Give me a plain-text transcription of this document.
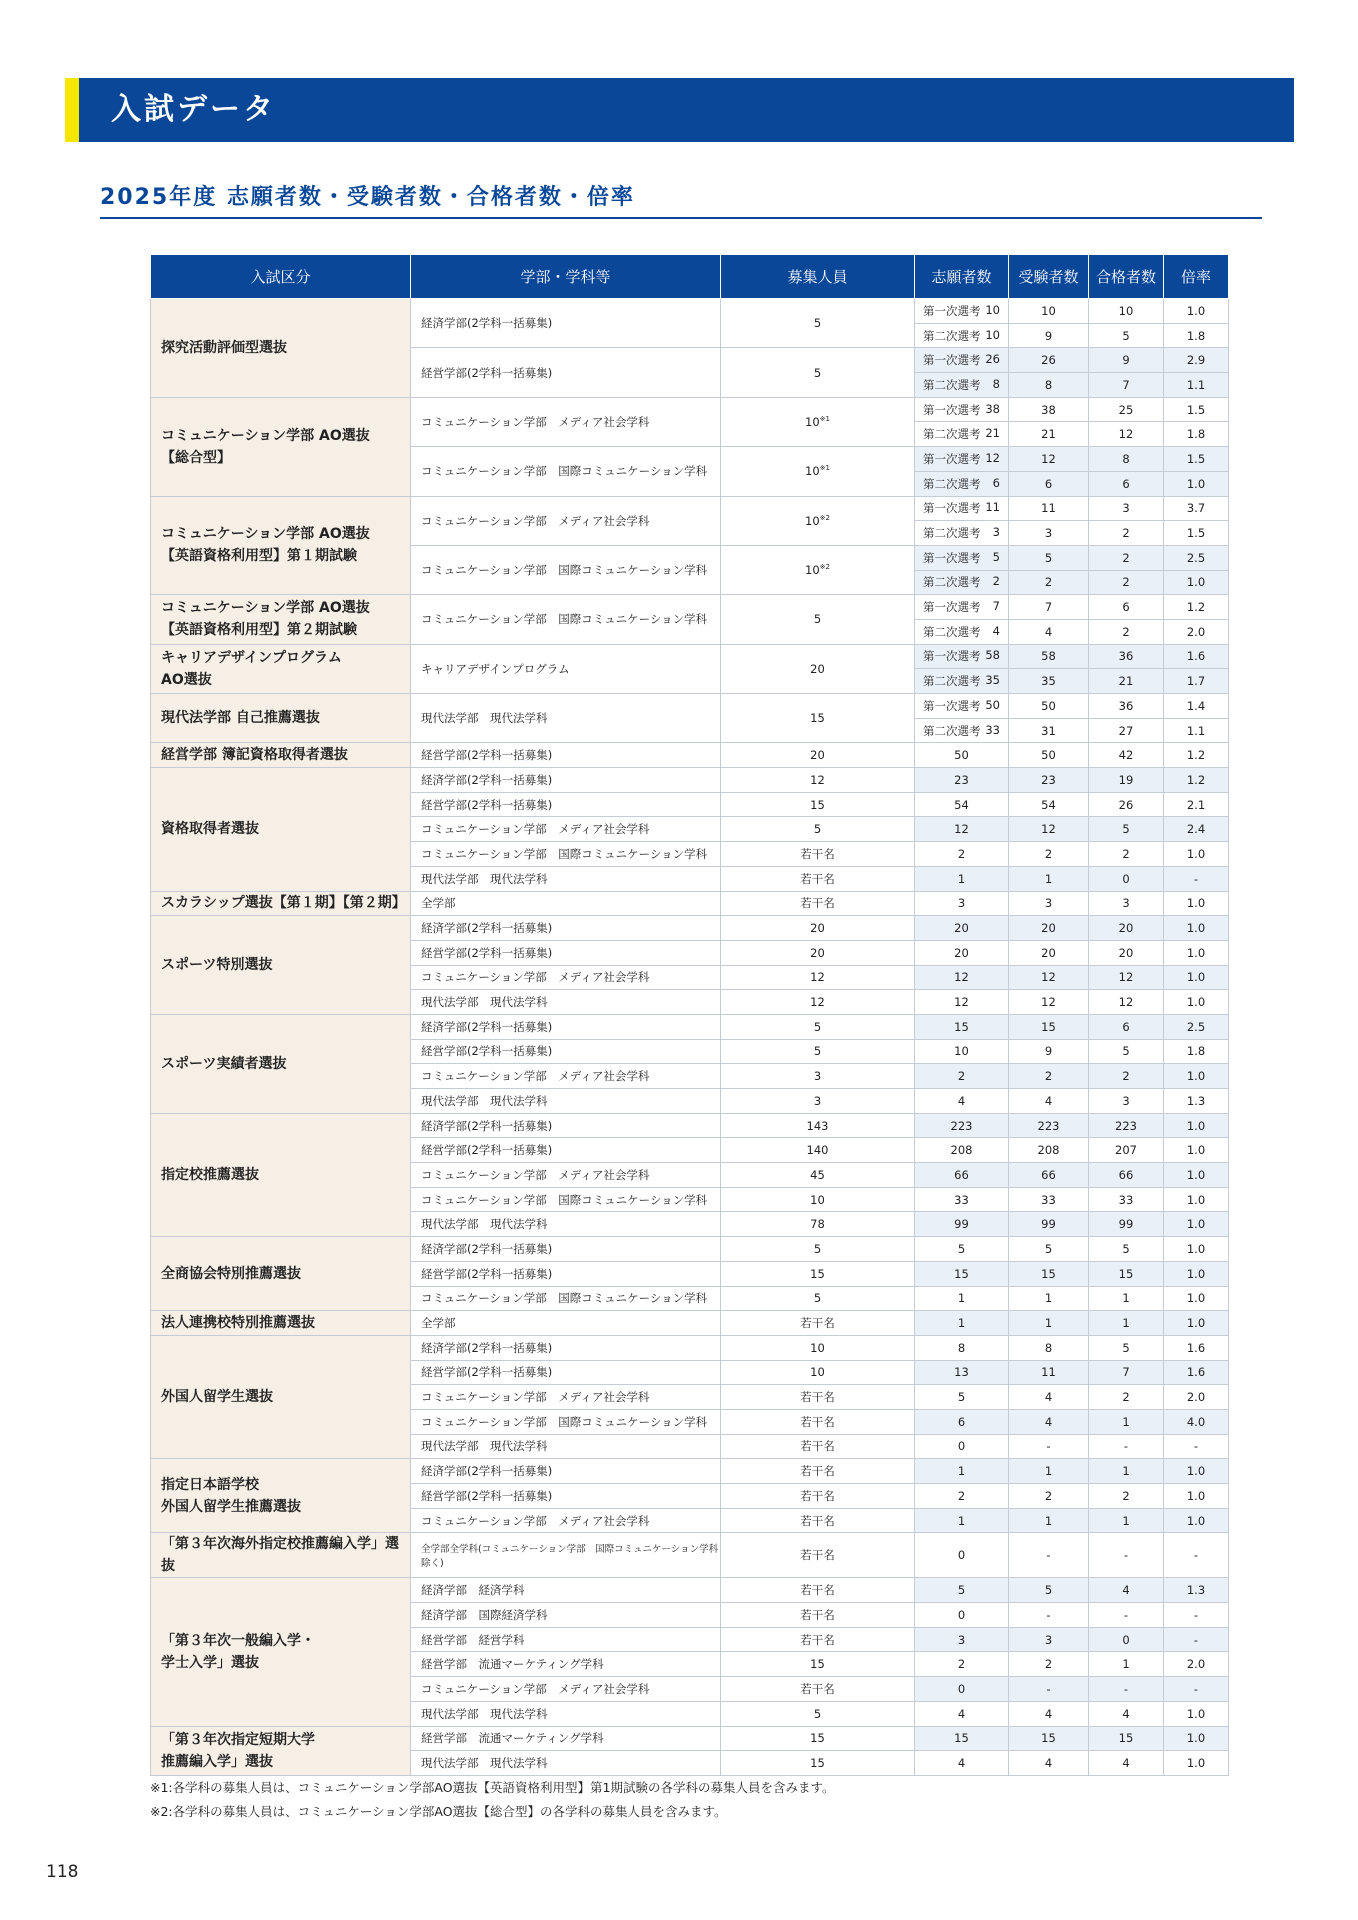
入試データ
2025年度 志願者数・受験者数・合格者数・倍率
入試区分	学部・学科等	募集人員	志願者数	受験者数	合格者数	倍率
探究活動評価型選抜	経済学部(2学科一括募集)	5	第一次選考 10	10	10	1.0

			第二次選考 10	9	5	1.8
	経営学部(2学科一括募集)	5	第一次選考 26	26	9	2.9

			第二次選考 8	8	7	1.1
コミュニケーション学部 AO選抜
【総合型】	コミュニケーション学部　メディア社会学科	10$^{※1}$	第一次選考 38	38	25	1.5

			第二次選考 21	21	12	1.8
	コミュニケーション学部　国際コミュニケーション学科	10$^{※1}$	第一次選考 12	12	8	1.5

			第二次選考 6	6	6	1.0
コミュニケーション学部 AO選抜
【英語資格利用型】第１期試験	コミュニケーション学部　メディア社会学科	10$^{※2}$	第一次選考 11	11	3	3.7

			第二次選考 3	3	2	1.5
	コミュニケーション学部　国際コミュニケーション学科	10$^{※2}$	第一次選考 5	5	2	2.5

			第二次選考 2	2	2	1.0
コミュニケーション学部 AO選抜
【英語資格利用型】第２期試験	コミュニケーション学部　国際コミュニケーション学科	5	第一次選考 7	7	6	1.2

			第二次選考 4	4	2	2.0
キャリアデザインプログラム
AO選抜	キャリアデザインプログラム	20	第一次選考 58	58	36	1.6

			第二次選考 35	35	21	1.7
現代法学部 自己推薦選抜	現代法学部　現代法学科	15	第一次選考 50	50	36	1.4

			第二次選考 33	31	27	1.1
経営学部 簿記資格取得者選抜	経営学部(2学科一括募集)	20	50	50	42	1.2
資格取得者選抜	経済学部(2学科一括募集)	12	23	23	19	1.2
	経営学部(2学科一括募集)	15	54	54	26	2.1
	コミュニケーション学部　メディア社会学科	5	12	12	5	2.4
	コミュニケーション学部　国際コミュニケーション学科	若干名	2	2	2	1.0
	現代法学部　現代法学科	若干名	1	1	0	-
スカラシップ選抜【第１期】【第２期】	全学部	若干名	3	3	3	1.0
スポーツ特別選抜	経済学部(2学科一括募集)	20	20	20	20	1.0
	経営学部(2学科一括募集)	20	20	20	20	1.0
	コミュニケーション学部　メディア社会学科	12	12	12	12	1.0
	現代法学部　現代法学科	12	12	12	12	1.0
スポーツ実績者選抜	経済学部(2学科一括募集)	5	15	15	6	2.5
	経営学部(2学科一括募集)	5	10	9	5	1.8
	コミュニケーション学部　メディア社会学科	3	2	2	2	1.0
	現代法学部　現代法学科	3	4	4	3	1.3
指定校推薦選抜	経済学部(2学科一括募集)	143	223	223	223	1.0
	経営学部(2学科一括募集)	140	208	208	207	1.0
	コミュニケーション学部　メディア社会学科	45	66	66	66	1.0
	コミュニケーション学部　国際コミュニケーション学科	10	33	33	33	1.0
	現代法学部　現代法学科	78	99	99	99	1.0
全商協会特別推薦選抜	経済学部(2学科一括募集)	5	5	5	5	1.0
	経営学部(2学科一括募集)	15	15	15	15	1.0
	コミュニケーション学部　国際コミュニケーション学科	5	1	1	1	1.0
法人連携校特別推薦選抜	全学部	若干名	1	1	1	1.0
外国人留学生選抜	経済学部(2学科一括募集)	10	8	8	5	1.6
	経営学部(2学科一括募集)	10	13	11	7	1.6
	コミュニケーション学部　メディア社会学科	若干名	5	4	2	2.0
	コミュニケーション学部　国際コミュニケーション学科	若干名	6	4	1	4.0
	現代法学部　現代法学科	若干名	0	-	-	-
指定日本語学校
外国人留学生推薦選抜	経済学部(2学科一括募集)	若干名	1	1	1	1.0
	経営学部(2学科一括募集)	若干名	2	2	2	1.0
	コミュニケーション学部　メディア社会学科	若干名	1	1	1	1.0
「第３年次海外指定校推薦編入学」選抜	全学部全学科(コミュニケーション学部　国際コミュニケーション学科除く)	若干名	0	-	-	-
「第３年次一般編入学・
学士入学」選抜	経済学部　経済学科	若干名	5	5	4	1.3
	経済学部　国際経済学科	若干名	0	-	-	-
	経営学部　経営学科	若干名	3	3	0	-
	経営学部　流通マーケティング学科	15	2	2	1	2.0
	コミュニケーション学部　メディア社会学科	若干名	0	-	-	-
	現代法学部　現代法学科	5	4	4	4	1.0
「第３年次指定短期大学
推薦編入学」選抜	経営学部　流通マーケティング学科	15	15	15	15	1.0
	現代法学部　現代法学科	15	4	4	4	1.0
※1:各学科の募集人員は、コミュニケーション学部AO選抜【英語資格利用型】第1期試験の各学科の募集人員を含みます。
※2:各学科の募集人員は、コミュニケーション学部AO選抜【総合型】の各学科の募集人員を含みます。
118
